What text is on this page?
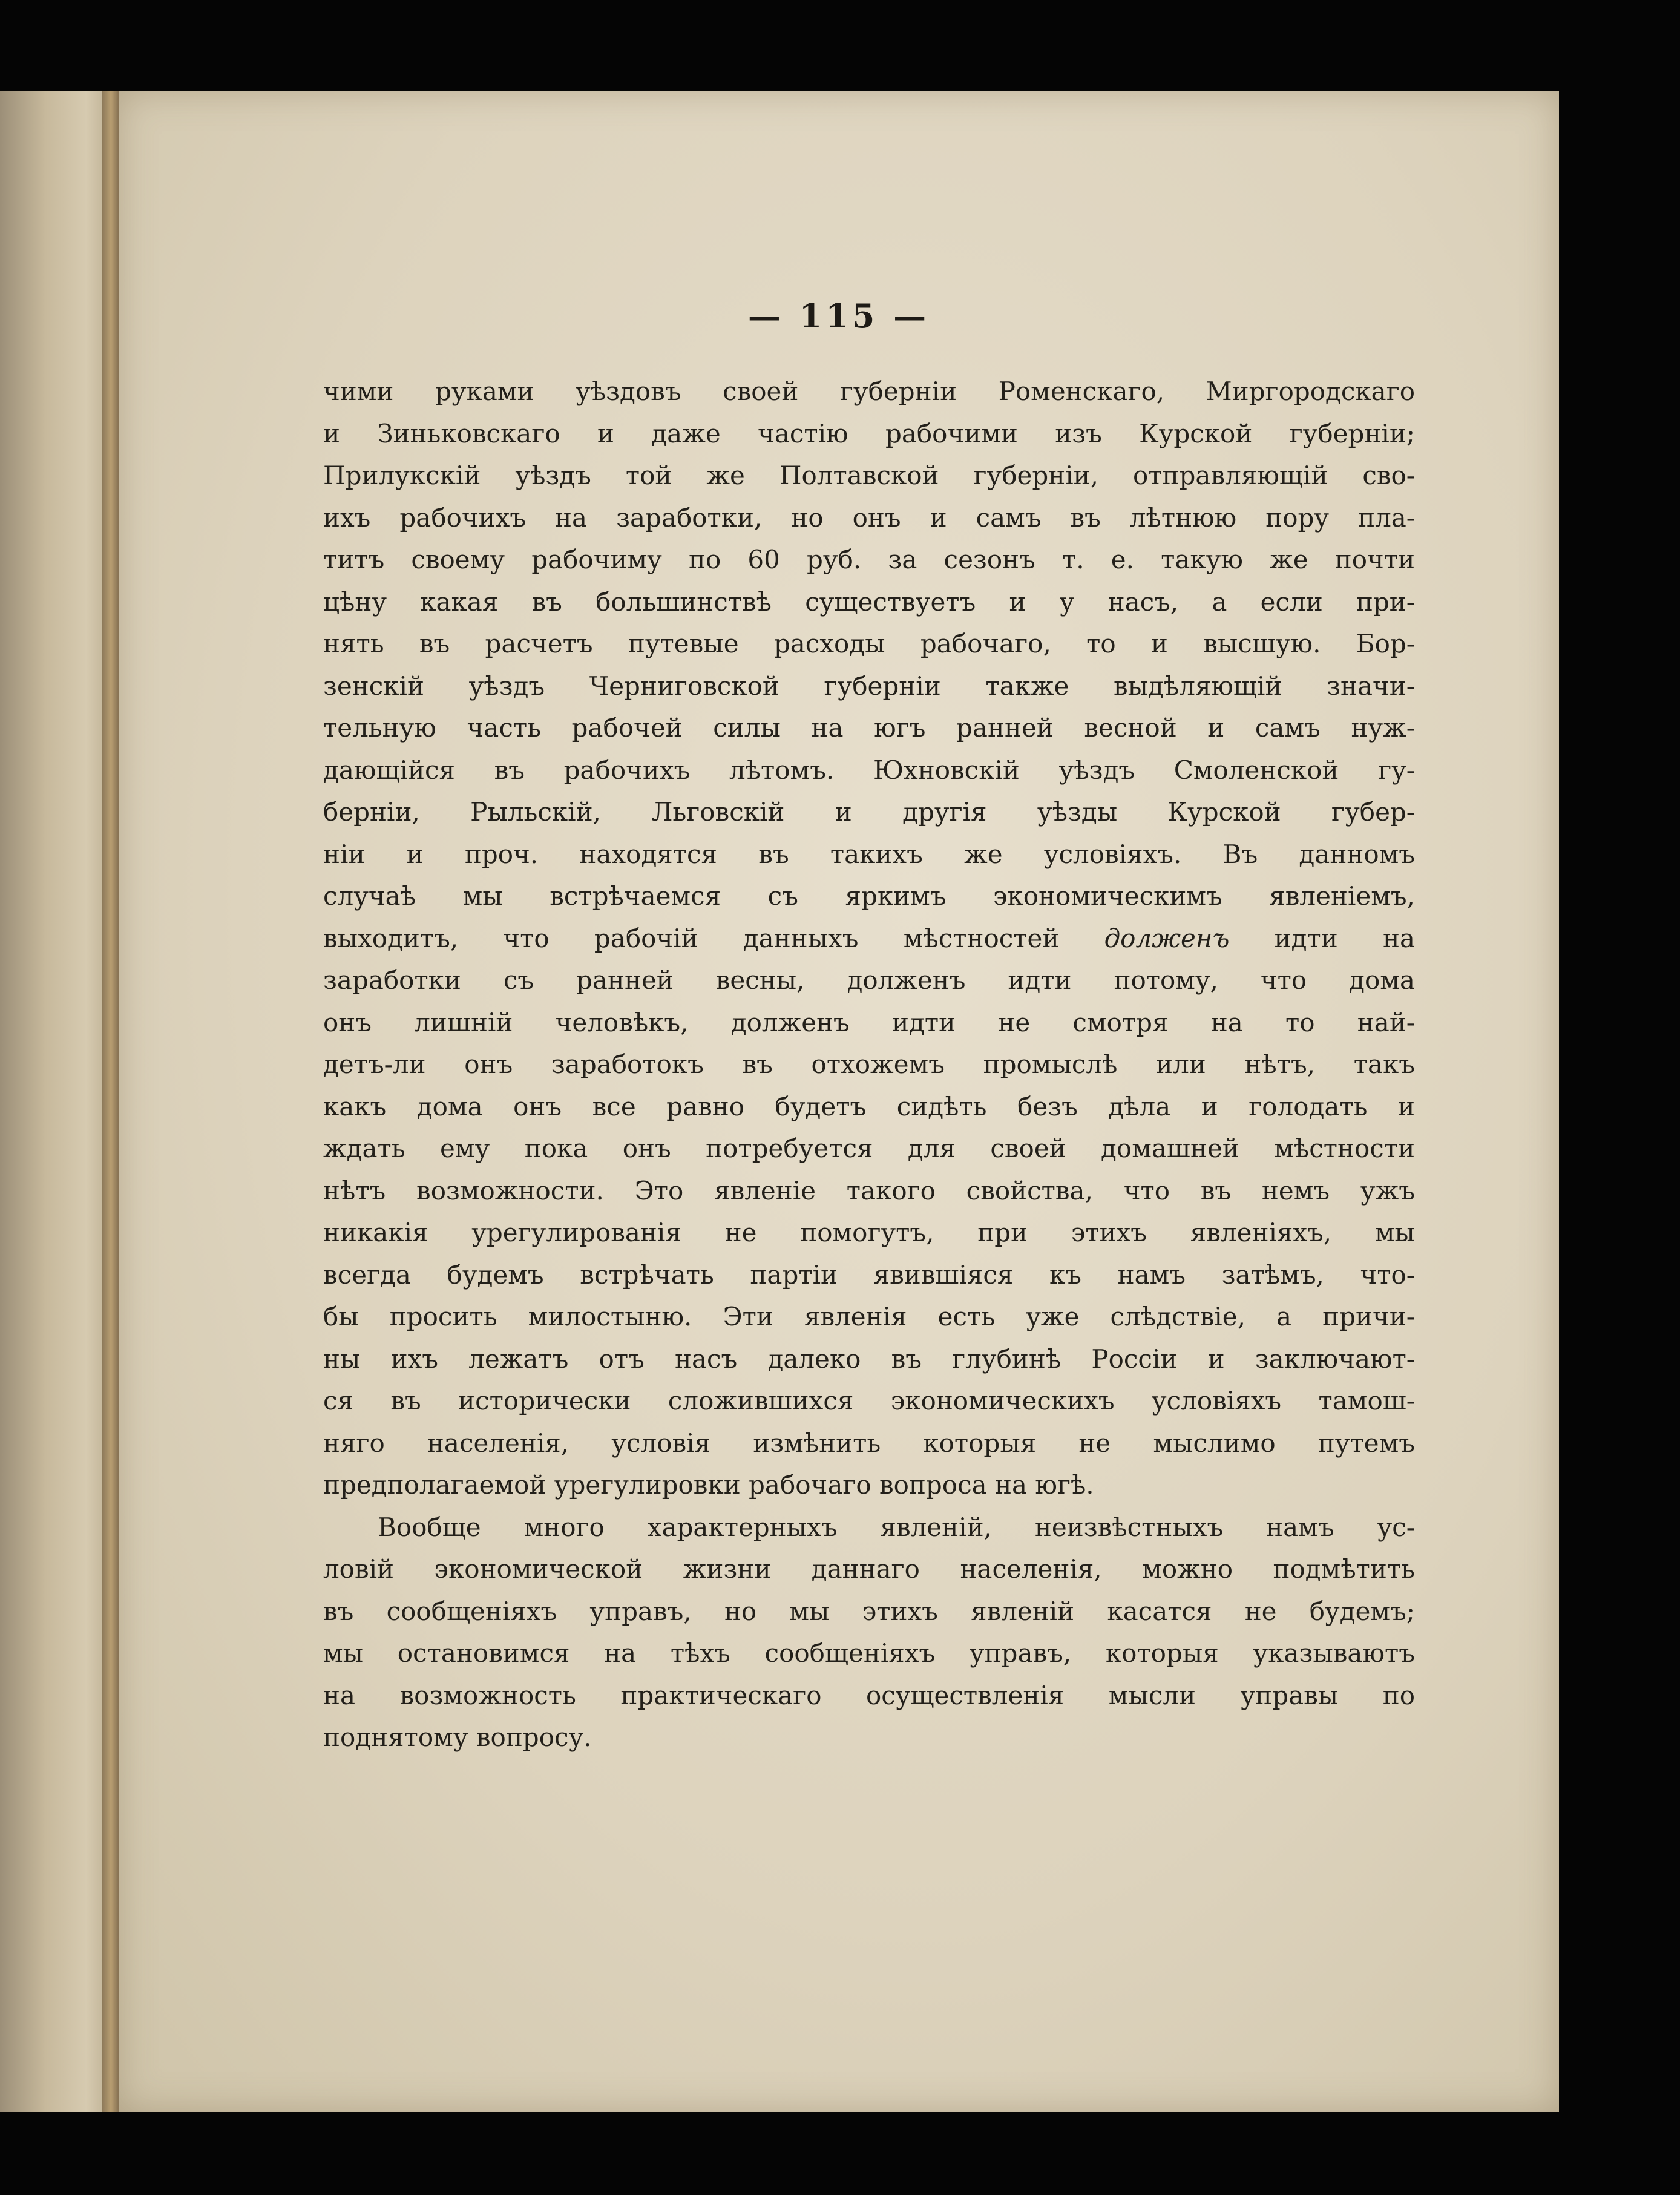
— 115 —
чими руками уѣздовъ своей губерніи Роменскаго, Миргородскаго
и Зиньковскаго и даже частію рабочими изъ Курской губерніи;
Прилукскій уѣздъ той же Полтавской губерніи, отправляющій сво-
ихъ рабочихъ на заработки, но онъ и самъ въ лѣтнюю пору пла-
титъ своему рабочиму по 60 руб. за сезонъ т. е. такую же почти
цѣну какая въ большинствѣ существуетъ и у насъ, а если при-
нять въ расчетъ путевые расходы рабочаго, то и высшую. Бор-
зенскій уѣздъ Черниговской губерніи также выдѣляющій значи-
тельную часть рабочей силы на югъ ранней весной и самъ нуж-
дающійся въ рабочихъ лѣтомъ. Юхновскій уѣздъ Смоленской гу-
берніи, Рыльскій, Льговскій и другія уѣзды Курской губер-
ніи и проч. находятся въ такихъ же условіяхъ. Въ данномъ
случаѣ мы встрѣчаемся съ яркимъ экономическимъ явленіемъ,
выходитъ, что рабочій данныхъ мѣстностей долженъ идти на
заработки съ ранней весны, долженъ идти потому, что дома
онъ лишній человѣкъ, долженъ идти не смотря на то най-
детъ-ли онъ заработокъ въ отхожемъ промыслѣ или нѣтъ, такъ
какъ дома онъ все равно будетъ сидѣть безъ дѣла и голодать и
ждать ему пока онъ потребуется для своей домашней мѣстности
нѣтъ возможности. Это явленіе такого свойства, что въ немъ ужъ
никакія урегулированія не помогутъ, при этихъ явленіяхъ, мы
всегда будемъ встрѣчать партіи явившіяся къ намъ затѣмъ, что-
бы просить милостыню. Эти явленія есть уже слѣдствіе, а причи-
ны ихъ лежатъ отъ насъ далеко въ глубинѣ Россіи и заключают-
ся въ исторически сложившихся экономическихъ условіяхъ тамош-
няго населенія, условія измѣнить которыя не мыслимо путемъ
предполагаемой урегулировки рабочаго вопроса на югѣ.
Вообще много характерныхъ явленій, неизвѣстныхъ намъ ус-
ловій экономической жизни даннаго населенія, можно подмѣтить
въ сообщеніяхъ управъ, но мы этихъ явленій касатся не будемъ;
мы остановимся на тѣхъ сообщеніяхъ управъ, которыя указываютъ
на возможность практическаго осуществленія мысли управы по
поднятому вопросу.
